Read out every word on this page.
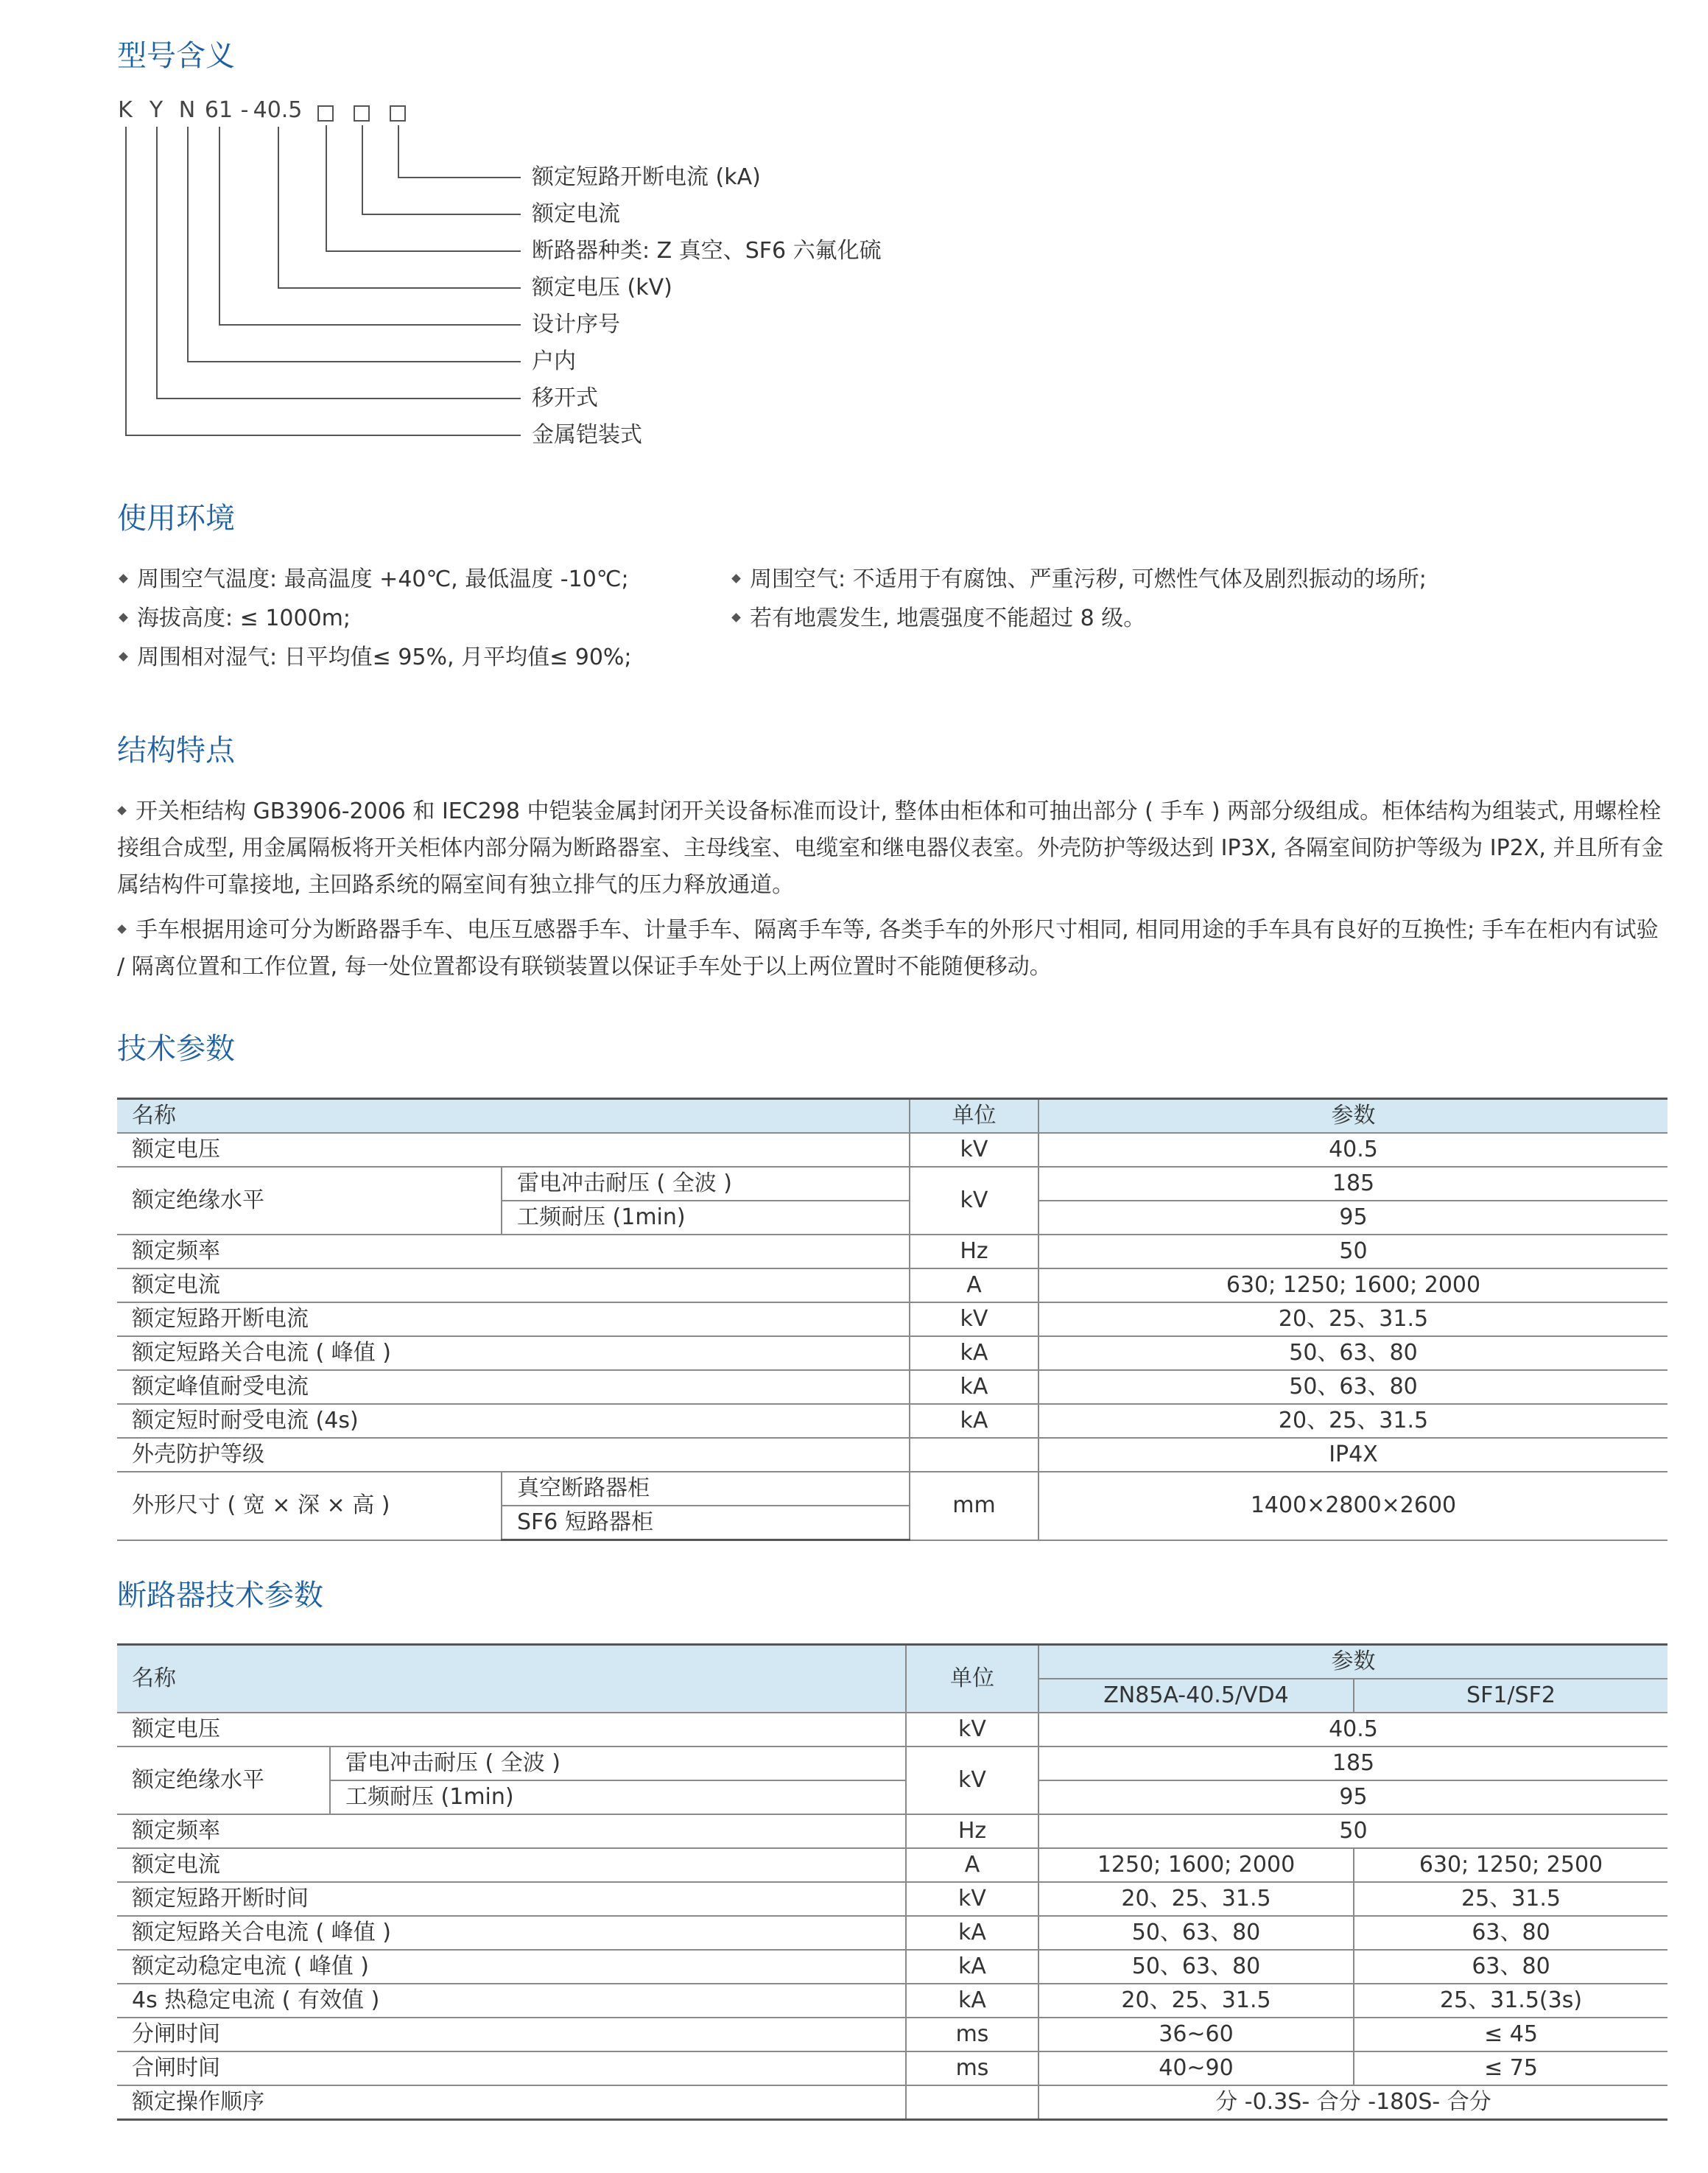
型号含义
K Y N 61 - 40.5
额定短路开断电流 (kA)
额定电流
断路器种类: Z 真空、SF6 六氟化硫
额定电压 (kV)
设计序号
户内
移开式
金属铠装式
使用环境
周围空气温度: 最高温度 +40℃, 最低温度 -10℃;
海拔高度: ≤ 1000m;
周围相对湿气: 日平均值≤ 95%, 月平均值≤ 90%;
周围空气: 不适用于有腐蚀、严重污秽, 可燃性气体及剧烈振动的场所;
若有地震发生, 地震强度不能超过 8 级。
结构特点
开关柜结构 GB3906-2006 和 IEC298 中铠装金属封闭开关设备标准而设计, 整体由柜体和可抽出部分 ( 手车 ) 两部分级组成。柜体结构为组装式, 用螺栓栓接组合成型, 用金属隔板将开关柜体内部分隔为断路器室、主母线室、电缆室和继电器仪表室。外壳防护等级达到 IP3X, 各隔室间防护等级为 IP2X, 并且所有金属结构件可靠接地, 主回路系统的隔室间有独立排气的压力释放通道。
手车根据用途可分为断路器手车、电压互感器手车、计量手车、隔离手车等, 各类手车的外形尺寸相同, 相同用途的手车具有良好的互换性; 手车在柜内有试验 / 隔离位置和工作位置, 每一处位置都设有联锁装置以保证手车处于以上两位置时不能随便移动。
技术参数
名称		单位	参数
额定电压		kV	40.5
额定绝缘水平	雷电冲击耐压 ( 全波 )	kV	185
	工频耐压 (1min)		95
额定频率		Hz	50
额定电流		A	630; 1250; 1600; 2000
额定短路开断电流		kV	20、25、31.5
额定短路关合电流 ( 峰值 )		kA	50、63、80
额定峰值耐受电流		kA	50、63、80
额定短时耐受电流 (4s)		kA	20、25、31.5
外壳防护等级			IP4X
外形尺寸 ( 宽 × 深 × 高 )	真空断路器柜	mm	1400×2800×2600
	SF6 短路器柜		
断路器技术参数
名称		单位	参数	
			ZN85A-40.5/VD4	SF1/SF2
额定电压		kV	40.5	
额定绝缘水平	雷电冲击耐压 ( 全波 )	kV	185	
	工频耐压 (1min)		95	
额定频率		Hz	50	
额定电流		A	1250; 1600; 2000	630; 1250; 2500
额定短路开断时间		kV	20、25、31.5	25、31.5
额定短路关合电流 ( 峰值 )		kA	50、63、80	63、80
额定动稳定电流 ( 峰值 )		kA	50、63、80	63、80
4s 热稳定电流 ( 有效值 )		kA	20、25、31.5	25、31.5(3s)
分闸时间		ms	36~60	≤ 45
合闸时间		ms	40~90	≤ 75
额定操作顺序			分 -0.3S- 合分 -180S- 合分	
